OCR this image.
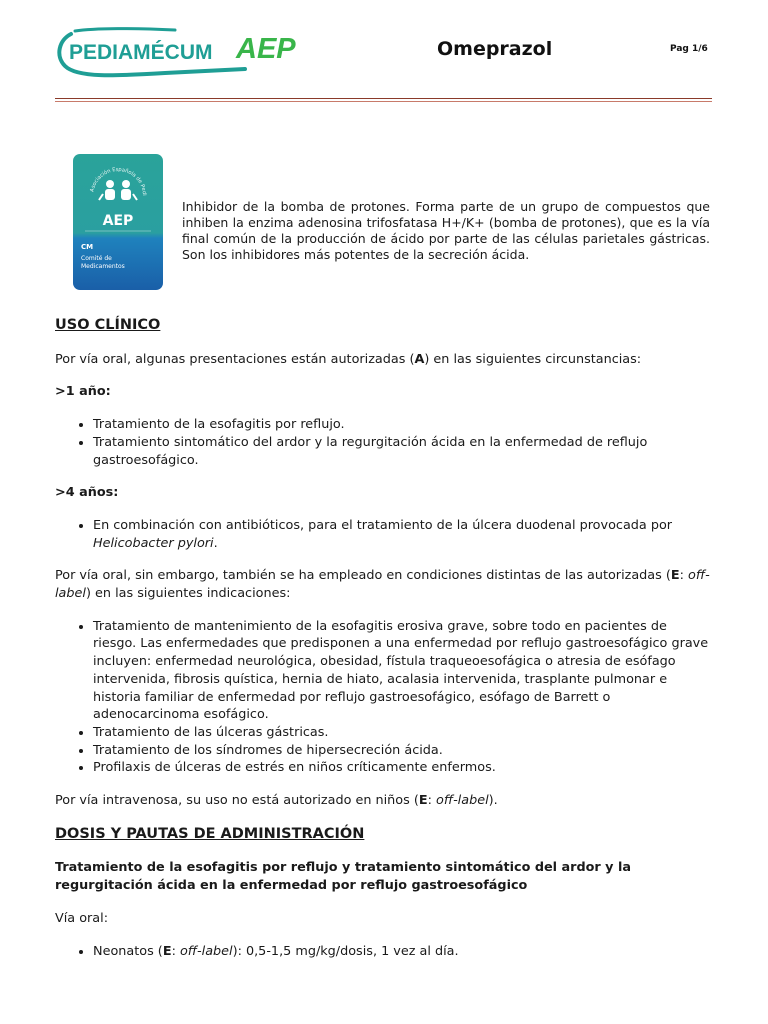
PEDIAMÉCUM AEP	Omeprazol	Pag 1/6
Asociación Española de Pedi
AEP
CM
Comité de
Medicamentos

Inhibidor de la bomba de protones. Forma parte de un grupo de compuestos que inhiben la enzima adenosina trifosfatasa H+/K+ (bomba de protones), que es la vía final común de la producción de ácido por parte de las células parietales gástricas. Son los inhibidores más potentes de la secreción ácida.

USO CLÍNICO

Por vía oral, algunas presentaciones están autorizadas (A) en las siguientes circunstancias:

>1 año:

• Tratamiento de la esofagitis por reflujo.
• Tratamiento sintomático del ardor y la regurgitación ácida en la enfermedad de reflujo gastroesofágico.

>4 años:

• En combinación con antibióticos, para el tratamiento de la úlcera duodenal provocada por Helicobacter pylori.

Por vía oral, sin embargo, también se ha empleado en condiciones distintas de las autorizadas (E: off-label) en las siguientes indicaciones:

• Tratamiento de mantenimiento de la esofagitis erosiva grave, sobre todo en pacientes de riesgo. Las enfermedades que predisponen a una enfermedad por reflujo gastroesofágico grave incluyen: enfermedad neurológica, obesidad, fístula traqueoesofágica o atresia de esófago intervenida, fibrosis quística, hernia de hiato, acalasia intervenida, trasplante pulmonar e historia familiar de enfermedad por reflujo gastroesofágico, esófago de Barrett o adenocarcinoma esofágico.
• Tratamiento de las úlceras gástricas.
• Tratamiento de los síndromes de hipersecreción ácida.
• Profilaxis de úlceras de estrés en niños críticamente enfermos.

Por vía intravenosa, su uso no está autorizado en niños (E: off-label).

DOSIS Y PAUTAS DE ADMINISTRACIÓN

Tratamiento de la esofagitis por reflujo y tratamiento sintomático del ardor y la regurgitación ácida en la enfermedad por reflujo gastroesofágico

Vía oral:

• Neonatos (E: off-label): 0,5-1,5 mg/kg/dosis, 1 vez al día.
